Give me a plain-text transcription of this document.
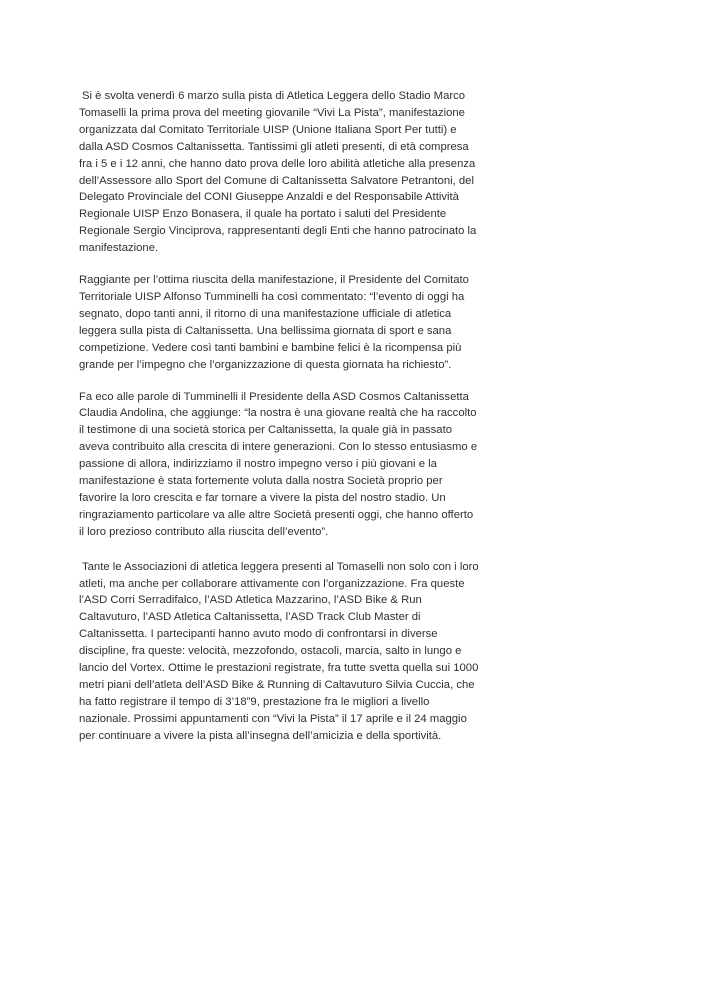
Si è svolta venerdì 6 marzo sulla pista di Atletica Leggera dello Stadio Marco Tomaselli la prima prova del meeting giovanile “Vivi La Pista”, manifestazione organizzata dal Comitato Territoriale UISP (Unione Italiana Sport Per tutti) e dalla ASD Cosmos Caltanissetta. Tantissimi gli atleti presenti, di età compresa fra i 5 e i 12 anni, che hanno dato prova delle loro abilità atletiche alla presenza dell’Assessore allo Sport del Comune di Caltanissetta Salvatore Petrantoni, del Delegato Provinciale del CONI Giuseppe Anzaldi e del Responsabile Attività Regionale UISP Enzo Bonasera, il quale ha portato i saluti del Presidente Regionale Sergio Vinciprova, rappresentanti degli Enti che hanno patrocinato la manifestazione.

Raggiante per l’ottima riuscita della manifestazione, il Presidente del Comitato Territoriale UISP Alfonso Tumminelli ha così commentato: “l’evento di oggi ha segnato, dopo tanti anni, il ritorno di una manifestazione ufficiale di atletica leggera sulla pista di Caltanissetta. Una bellissima giornata di sport e sana competizione. Vedere così tanti bambini e bambine felici è la ricompensa più grande per l’impegno che l’organizzazione di questa giornata ha richiesto”.

Fa eco alle parole di Tumminelli il Presidente della ASD Cosmos Caltanissetta Claudia Andolina, che aggiunge: “la nostra è una giovane realtà che ha raccolto il testimone di una società storica per Caltanissetta, la quale già in passato aveva contribuito alla crescita di intere generazioni. Con lo stesso entusiasmo e passione di allora, indirizziamo il nostro impegno verso i più giovani e la manifestazione è stata fortemente voluta dalla nostra Società proprio per favorire la loro crescita e far tornare a vivere la pista del nostro stadio. Un ringraziamento particolare va alle altre Società presenti oggi, che hanno offerto il loro prezioso contributo alla riuscita dell’evento”.

Tante le Associazioni di atletica leggera presenti al Tomaselli non solo con i loro atleti, ma anche per collaborare attivamente con l’organizzazione. Fra queste l’ASD Corri Serradifalco, l’ASD Atletica Mazzarino, l’ASD Bike & Run Caltavuturo, l’ASD Atletica Caltanissetta, l’ASD Track Club Master di Caltanissetta. I partecipanti hanno avuto modo di confrontarsi in diverse discipline, fra queste: velocità, mezzofondo, ostacoli, marcia, salto in lungo e lancio del Vortex. Ottime le prestazioni registrate, fra tutte svetta quella sui 1000 metri piani dell’atleta dell’ASD Bike & Running di Caltavuturo Silvia Cuccia, che ha fatto registrare il tempo di 3’18”9, prestazione fra le migliori a livello nazionale. Prossimi appuntamenti con “Vivi la Pista” il 17 aprile e il 24 maggio per continuare a vivere la pista all’insegna dell’amicizia e della sportività.
